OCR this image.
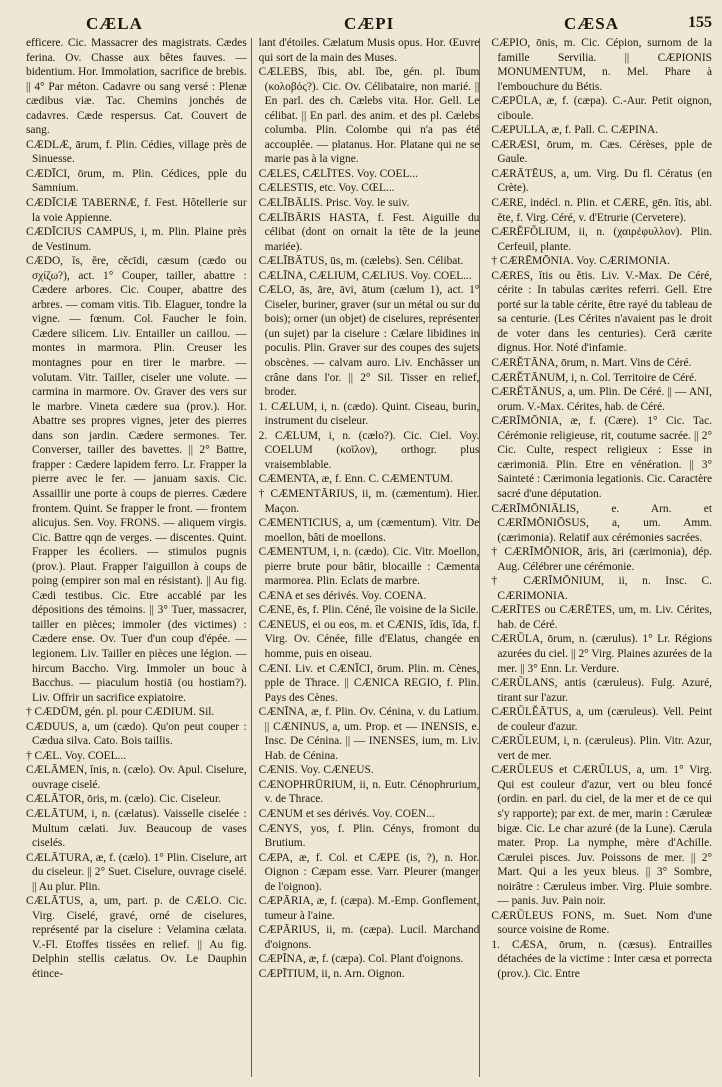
CÆLA	CÆPI	CÆSA	155

efficere. Cic. Massacrer des magistrats. Cædes ferina. Ov. Chasse aux bêtes fauves. — bidentium. Hor. Immolation, sacrifice de brebis. || 4° Par méton. Cadavre ou sang versé : Plenæ cædibus viæ. Tac. Chemins jonchés de cadavres. Cæde respersus. Cat. Couvert de sang.

CÆDLÆ, ārum, f. Plin. Cédies, village près de Sinuesse.

CÆDĪCI, ōrum, m. Plin. Cédices, pple du Samnium.

CÆDĪCIÆ TABERNÆ, f. Fest. Hôtellerie sur la voie Appienne.

CÆDĪCIUS CAMPUS, i, m. Plin. Plaine près de Vestinum.

CÆDO, ĭs, ĕre, cĕcīdi, cæsum (cædo ou σχίζω?), act. 1° Couper, tailler, abattre : Cædere arbores. Cic. Couper, abattre des arbres. — comam vitis. Tib. Elaguer, tondre la vigne. — fœnum. Col. Faucher le foin. Cædere silicem. Liv. Entailler un caillou. — montes in marmora. Plin. Creuser les montagnes pour en tirer le marbre. — volutam. Vitr. Tailler, ciseler une volute. — carmina in marmore. Ov. Graver des vers sur le marbre. Vineta cædere sua (prov.). Hor. Abattre ses propres vignes, jeter des pierres dans son jardin. Cædere sermones. Ter. Converser, tailler des bavettes. || 2° Battre, frapper : Cædere lapidem ferro. Lr. Frapper la pierre avec le fer. — januam saxis. Cic. Assaillir une porte à coups de pierres. Cædere frontem. Quint. Se frapper le front. — frontem alicujus. Sen. Voy. FRONS. — aliquem virgis. Cic. Battre qqn de verges. — discentes. Quint. Frapper les écoliers. — stimulos pugnis (prov.). Plaut. Frapper l'aiguillon à coups de poing (empirer son mal en résistant). || Au fig. Cædi testibus. Cic. Etre accablé par les dépositions des témoins. || 3° Tuer, massacrer, tailler en pièces; immoler (des victimes) : Cædere ense. Ov. Tuer d'un coup d'épée. — legionem. Liv. Tailler en pièces une légion. — hircum Baccho. Virg. Immoler un bouc à Bacchus. — piaculum hostiā (ou hostiam?). Liv. Offrir un sacrifice expiatoire.

† CÆDŪM, gén. pl. pour CÆDIUM. Sil.

CÆDUUS, a, um (cædo). Qu'on peut couper : Cædua silva. Cato. Bois taillis.

† CÆL. Voy. COEL...

CÆLĀMEN, ĭnis, n. (cælo). Ov. Apul. Ciselure, ouvrage ciselé.

CÆLĀTOR, ōris, m. (cælo). Cic. Ciseleur.

CÆLĀTUM, i, n. (cælatus). Vaisselle ciselée : Multum cælati. Juv. Beaucoup de vases ciselés.

CÆLĀTURA, æ, f. (cælo). 1° Plin. Ciselure, art du ciseleur. || 2° Suet. Ciselure, ouvrage ciselé. || Au plur. Plin.

CÆLĀTUS, a, um, part. p. de CÆLO. Cic. Virg. Ciselé, gravé, orné de ciselures, représenté par la ciselure : Velamina cælata. V.-Fl. Etoffes tissées en relief. || Au fig. Delphin stellis cælatus. Ov. Le Dauphin étince-

lant d'étoiles. Cælatum Musis opus. Hor. Œuvre qui sort de la main des Muses.

CÆLEBS, ĭbis, abl. ĭbe, gén. pl. ĭbum (κολοβός?). Cic. Ov. Célibataire, non marié. || En parl. des ch. Cælebs vita. Hor. Gell. Le célibat. || En parl. des anim. et des pl. Cælebs columba. Plin. Colombe qui n'a pas été accouplée. — platanus. Hor. Platane qui ne se marie pas à la vigne.

CÆLES, CÆLĪTES. Voy. COEL...

CÆLESTIS, etc. Voy. CŒL...

CÆLĪBĀLIS. Prisc. Voy. le suiv.

CÆLĪBĀRIS HASTA, f. Fest. Aiguille du célibat (dont on ornait la tête de la jeune mariée).

CÆLĪBĀTUS, ūs, m. (cælebs). Sen. Célibat.

CÆLĪNA, CÆLIUM, CÆLIUS. Voy. COEL...

CÆLO, ās, āre, āvi, ātum (cælum 1), act. 1° Ciseler, buriner, graver (sur un métal ou sur du bois); orner (un objet) de ciselures, représenter (un sujet) par la ciselure : Cælare libidines in poculis. Plin. Graver sur des coupes des sujets obscènes. — calvam auro. Liv. Enchâsser un crâne dans l'or. || 2° Sil. Tisser en relief, broder.

1. CÆLUM, i, n. (cædo). Quint. Ciseau, burin, instrument du ciseleur.

2. CÆLUM, i, n. (cælo?). Cic. Ciel. Voy. COELUM (κοῖλον), orthogr. plus vraisemblable.

CÆMENTA, æ, f. Enn. C. CÆMENTUM.

† CÆMENTĀRIUS, ii, m. (cæmentum). Hier. Maçon.

CÆMENTICIUS, a, um (cæmentum). Vitr. De moellon, bâti de moellons.

CÆMENTUM, i, n. (cædo). Cic. Vitr. Moellon, pierre brute pour bâtir, blocaille : Cæmenta marmorea. Plin. Eclats de marbre.

CÆNA et ses dérivés. Voy. COENA.

CÆNE, ēs, f. Plin. Céné, île voisine de la Sicile.

CÆNEUS, ei ou eos, m. et CÆNIS, ĭdis, ĭda, f. Virg. Ov. Cénée, fille d'Elatus, changée en homme, puis en oiseau.

CÆNI. Liv. et CÆNĪCI, ōrum. Plin. m. Cènes, pple de Thrace. || CÆNICA REGIO, f. Plin. Pays des Cènes.

CÆNĪNA, æ, f. Plin. Ov. Cénina, v. du Latium. || CÆNINUS, a, um. Prop. et — INENSIS, e. Insc. De Cénina. || — INENSES, ium, m. Liv. Hab. de Cénina.

CÆNIS. Voy. CÆNEUS.

CÆNOPHRŪRIUM, ii, n. Eutr. Cénophrurium, v. de Thrace.

CÆNUM et ses dérivés. Voy. COEN...

CÆNYS, yos, f. Plin. Cénys, fromont du Brutium.

CÆPA, æ, f. Col. et CÆPE (is, ?), n. Hor. Oignon : Cæpam esse. Varr. Pleurer (manger de l'oignon).

CÆPĀRIA, æ, f. (cæpa). M.-Emp. Gonflement, tumeur à l'aine.

CÆPĀRIUS, ii, m. (cæpa). Lucil. Marchand d'oignons.

CÆPĪNA, æ, f. (cæpa). Col. Plant d'oignons.

CÆPĪTIUM, ii, n. Arn. Oignon.

CÆPIO, ōnis, m. Cic. Cépion, surnom de la famille Servilia. || CÆPIONIS MONUMENTUM, n. Mel. Phare à l'embouchure du Bétis.

CÆPŪLA, æ, f. (cæpa). C.-Aur. Petit oignon, ciboule.

CÆPULLA, æ, f. Pall. C. CÆPINA.

CÆRÆSI, ōrum, m. Cæs. Cérèses, pple de Gaule.

CÆRĀTĒUS, a, um. Virg. Du fl. Cératus (en Crète).

CÆRE, indécl. n. Plin. et CÆRE, gēn. ĭtis, abl. ĕte, f. Virg. Céré, v. d'Etrurie (Cervetere).

CÆRĔFŎLIUM, ii, n. (χαιρέφυλλον). Plin. Cerfeuil, plante.

† CÆRĒMŌNIA. Voy. CÆRIMONIA.

CÆRES, ĭtis ou ĕtis. Liv. V.-Max. De Céré, cérite : In tabulas cærites referri. Gell. Etre porté sur la table cérite, être rayé du tableau de sa centurie. (Les Cérites n'avaient pas le droit de voter dans les centuries). Cerā cærite dignus. Hor. Noté d'infamie.

CÆRĔTĀNA, ōrum, n. Mart. Vins de Céré.

CÆRĔTĀNUM, i, n. Col. Territoire de Céré.

CÆRĔTĀNUS, a, um. Plin. De Céré. || — ANI, orum. V.-Max. Cérites, hab. de Céré.

CÆRĪMŌNIA, æ, f. (Cære). 1° Cic. Tac. Cérémonie religieuse, rit, coutume sacrée. || 2° Cic. Culte, respect religieux : Esse in cærimoniā. Plin. Etre en vénération. || 3° Sainteté : Cærimonia legationis. Cic. Caractère sacré d'une députation.

CÆRĪMŌNIĀLIS, e. Arn. et CÆRĪMŌNIŌSUS, a, um. Amm. (cærimonia). Relatif aux cérémonies sacrées.

† CÆRĪMŌNIOR, āris, āri (cærimonia), dép. Aug. Célébrer une cérémonie.

† CÆRĪMŌNIUM, ii, n. Insc. C. CÆRIMONIA.

CÆRĪTES ou CÆRĒTES, um, m. Liv. Cérites, hab. de Céré.

CÆRŬLA, ōrum, n. (cærulus). 1° Lr. Régions azurées du ciel. || 2° Virg. Plaines azurées de la mer. || 3° Enn. Lr. Verdure.

CÆRŬLANS, antis (cæruleus). Fulg. Azuré, tirant sur l'azur.

CÆRŬLĔĀTUS, a, um (cæruleus). Vell. Peint de couleur d'azur.

CÆRŬLEUM, i, n. (cæruleus). Plin. Vitr. Azur, vert de mer.

CÆRŬLEUS et CÆRŬLUS, a, um. 1° Virg. Qui est couleur d'azur, vert ou bleu foncé (ordin. en parl. du ciel, de la mer et de ce qui s'y rapporte); par ext. de mer, marin : Cæruleæ bigæ. Cic. Le char azuré (de la Lune). Cærula mater. Prop. La nymphe, mère d'Achille. Cærulei pisces. Juv. Poissons de mer. || 2° Mart. Qui a les yeux bleus. || 3° Sombre, noirâtre : Cæruleus imber. Virg. Pluie sombre. — panis. Juv. Pain noir.

CÆRŬLEUS FONS, m. Suet. Nom d'une source voisine de Rome.

1. CÆSA, ōrum, n. (cæsus). Entrailles détachées de la victime : Inter cæsa et porrecta (prov.). Cic. Entre
